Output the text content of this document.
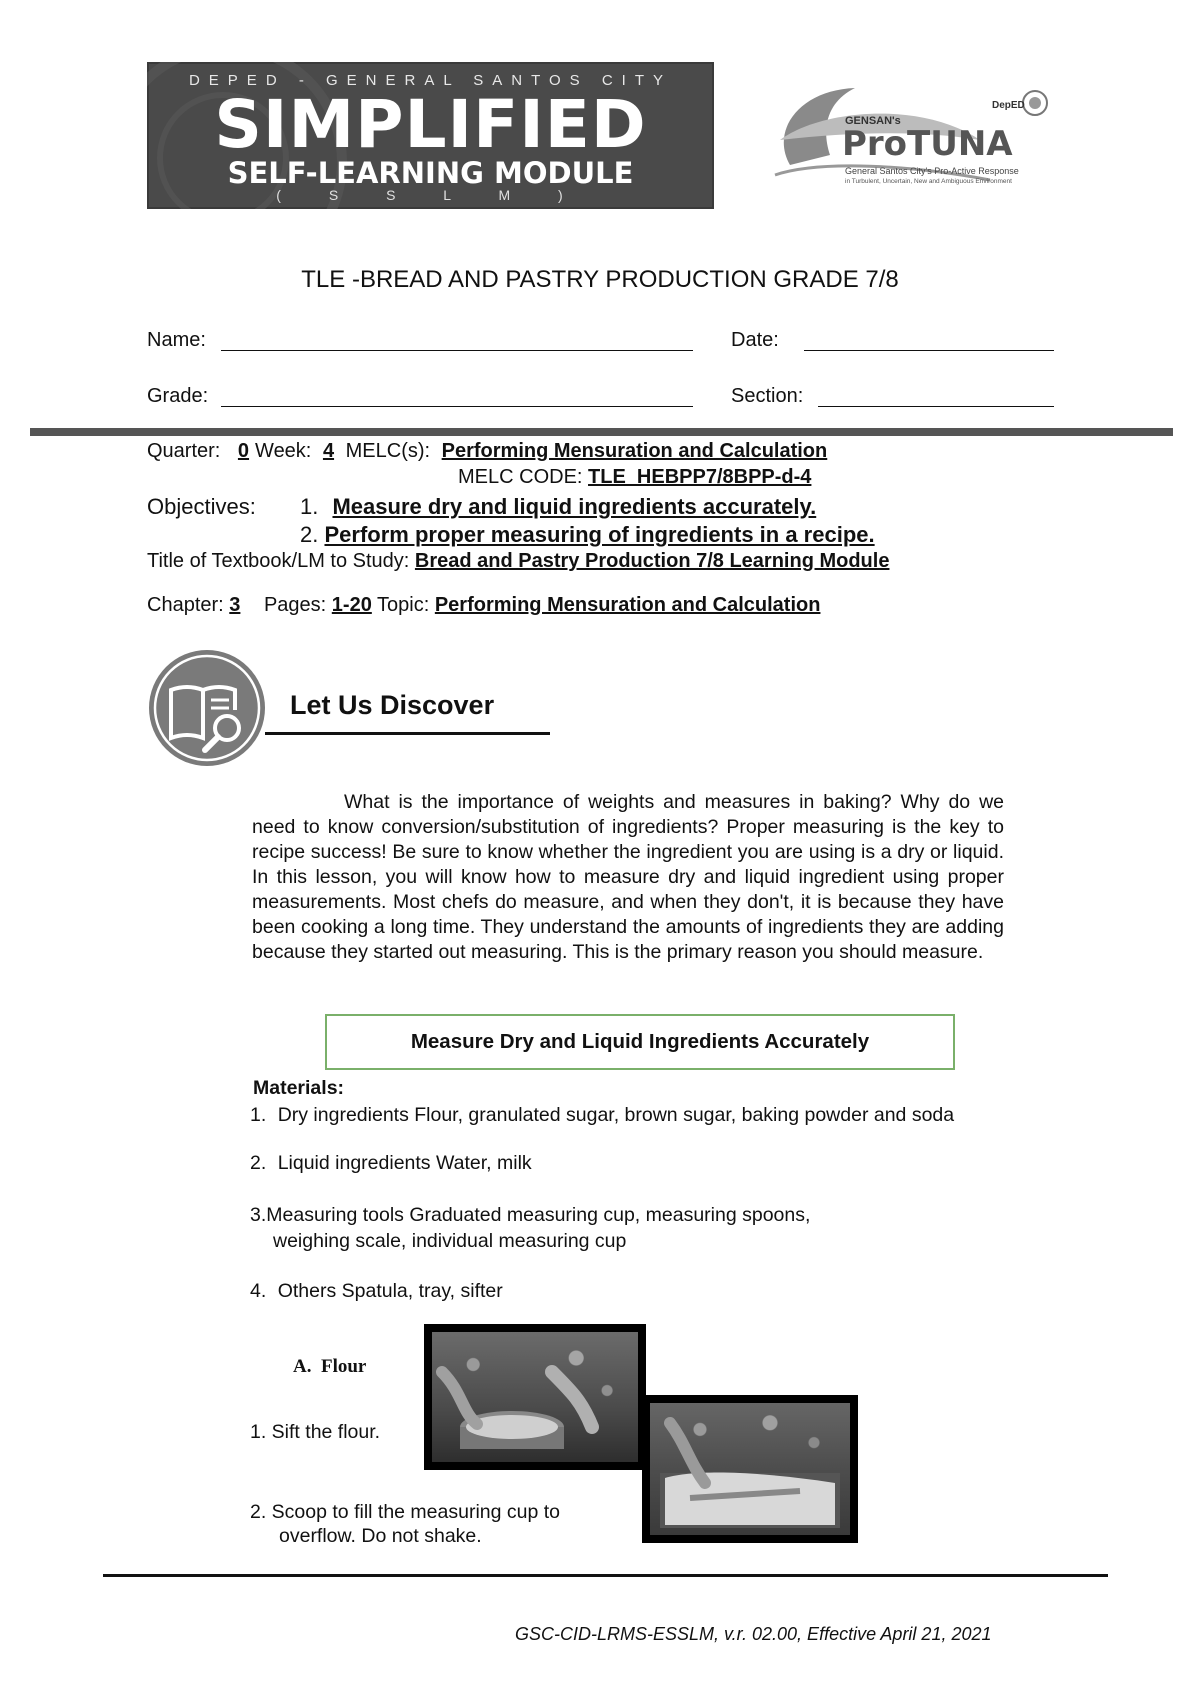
DEPED - GENERAL SANTOS CITY
SIMPLIFIED
SELF-LEARNING MODULE
( S S L M )
GENSAN's
DepED
ProTUNA
General Santos City's Pro-Active Response
in Turbulent, Uncertain, New and Ambiguous Environment
TLE -BREAD AND PASTRY PRODUCTION GRADE 7/8
Name:	Date:
Grade:	Section:
Quarter: 0 Week: 4 MELC(s): Performing Mensuration and Calculation
MELC CODE: TLE_HEBPP7/8BPP-d-4
Objectives: 1. Measure dry and liquid ingredients accurately.
2. Perform proper measuring of ingredients in a recipe.
Title of Textbook/LM to Study: Bread and Pastry Production 7/8 Learning Module
Chapter: 3 Pages: 1-20 Topic: Performing Mensuration and Calculation
Let Us Discover
What is the importance of weights and measures in baking? Why do we need to know conversion/substitution of ingredients? Proper measuring is the key to recipe success! Be sure to know whether the ingredient you are using is a dry or liquid. In this lesson, you will know how to measure dry and liquid ingredient using proper measurements. Most chefs do measure, and when they don't, it is because they have been cooking a long time. They understand the amounts of ingredients they are adding because they started out measuring. This is the primary reason you should measure.
Measure Dry and Liquid Ingredients Accurately
Materials:
1. Dry ingredients Flour, granulated sugar, brown sugar, baking powder and soda
2. Liquid ingredients Water, milk
3.Measuring tools Graduated measuring cup, measuring spoons,
weighing scale, individual measuring cup
4. Others Spatula, tray, sifter
A.  Flour
1. Sift the flour.
2. Scoop to fill the measuring cup to
overflow. Do not shake.
GSC-CID-LRMS-ESSLM, v.r. 02.00, Effective April 21, 2021
